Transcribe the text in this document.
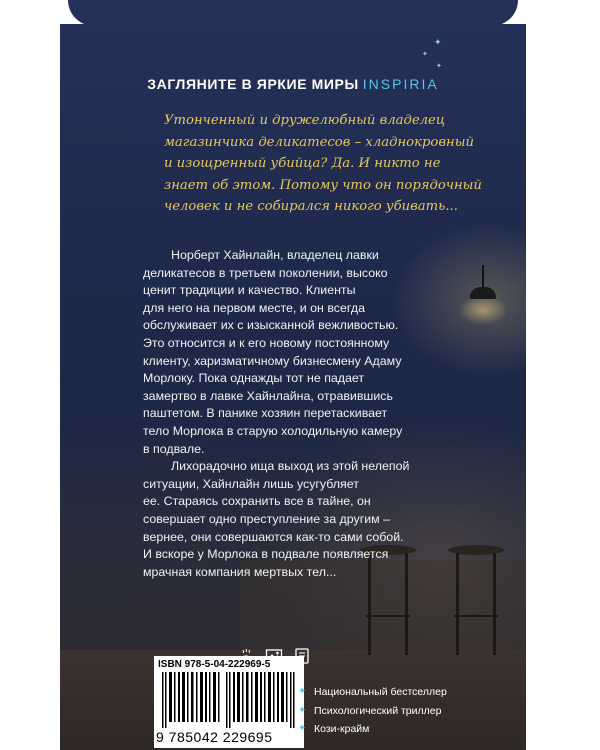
✦
✦
✦
ЗАГЛЯНИТЕ В ЯРКИЕ МИРЫ INSPIRIA
Утонченный и дружелюбный владелец
магазинчика деликатесов – хладнокровный
и изощренный убийца? Да. И никто не
знает об этом. Потому что он порядочный
человек и не собирался никого убивать...
Норберт Хайнлайн, владелец лавки
деликатесов в третьем поколении, высоко
ценит традиции и качество. Клиенты
для него на первом месте, и он всегда
обслуживает их с изысканной вежливостью.
Это относится и к его новому постоянному
клиенту, харизматичному бизнесмену Адаму
Морлоку. Пока однажды тот не падает
замертво в лавке Хайнлайна, отравившись
паштетом. В панике хозяин перетаскивает
тело Морлока в старую холодильную камеру
в подвале.
Лихорадочно ища выход из этой нелепой
ситуации, Хайнлайн лишь усугубляет
ее. Стараясь сохранить все в тайне, он
совершает одно преступление за другим –
вернее, они совершаются как-то сами собой.
И вскоре у Морлока в подвале появляется
мрачная компания мертвых тел...
ISBN 978-5-04-222969-5
9 785042 229695
✦ Национальный бестселлер
✦ Психологический триллер
✦ Кози-крайм
